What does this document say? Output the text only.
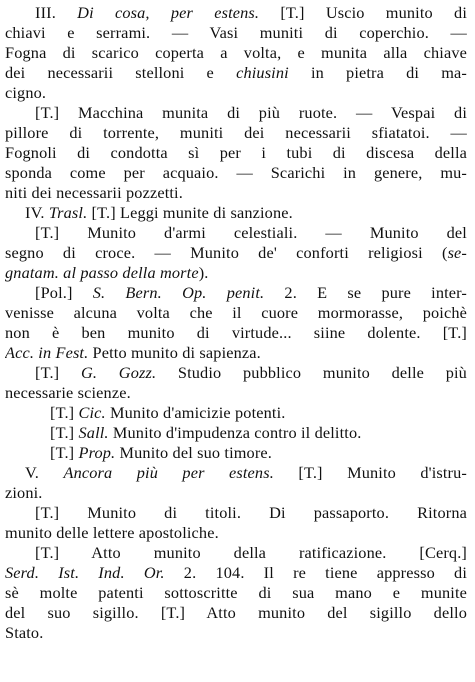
III. Di cosa, per estens. [T.] Uscio munito di
chiavi e serrami. — Vasi muniti di coperchio. —
Fogna di scarico coperta a volta, e munita alla chiave
dei necessarii stelloni e chiusini in pietra di ma-
cigno.
[T.] Macchina munita di più ruote. — Vespai di
pillore di torrente, muniti dei necessarii sfiatatoi. —
Fognoli di condotta sì per i tubi di discesa della
sponda come per acquaio. — Scarichi in genere, mu-
niti dei necessarii pozzetti.
IV. Trasl. [T.] Leggi munite di sanzione.
[T.] Munito d'armi celestiali. — Munito del
segno di croce. — Munito de' conforti religiosi (se-
gnatam. al passo della morte).
[Pol.] S. Bern. Op. penit. 2. E se pure inter-
venisse alcuna volta che il cuore mormorasse, poichè
non è ben munito di virtude... siine dolente. [T.]
Acc. in Fest. Petto munito di sapienza.
[T.] G. Gozz. Studio pubblico munito delle più
necessarie scienze.
[T.] Cic. Munito d'amicizie potenti.
[T.] Sall. Munito d'impudenza contro il delitto.
[T.] Prop. Munito del suo timore.
V. Ancora più per estens. [T.] Munito d'istru-
zioni.
[T.] Munito di titoli. Di passaporto. Ritorna
munito delle lettere apostoliche.
[T.] Atto munito della ratificazione. [Cerq.]
Serd. Ist. Ind. Or. 2. 104. Il re tiene appresso di
sè molte patenti sottoscritte di sua mano e munite
del suo sigillo. [T.] Atto munito del sigillo dello
Stato.
